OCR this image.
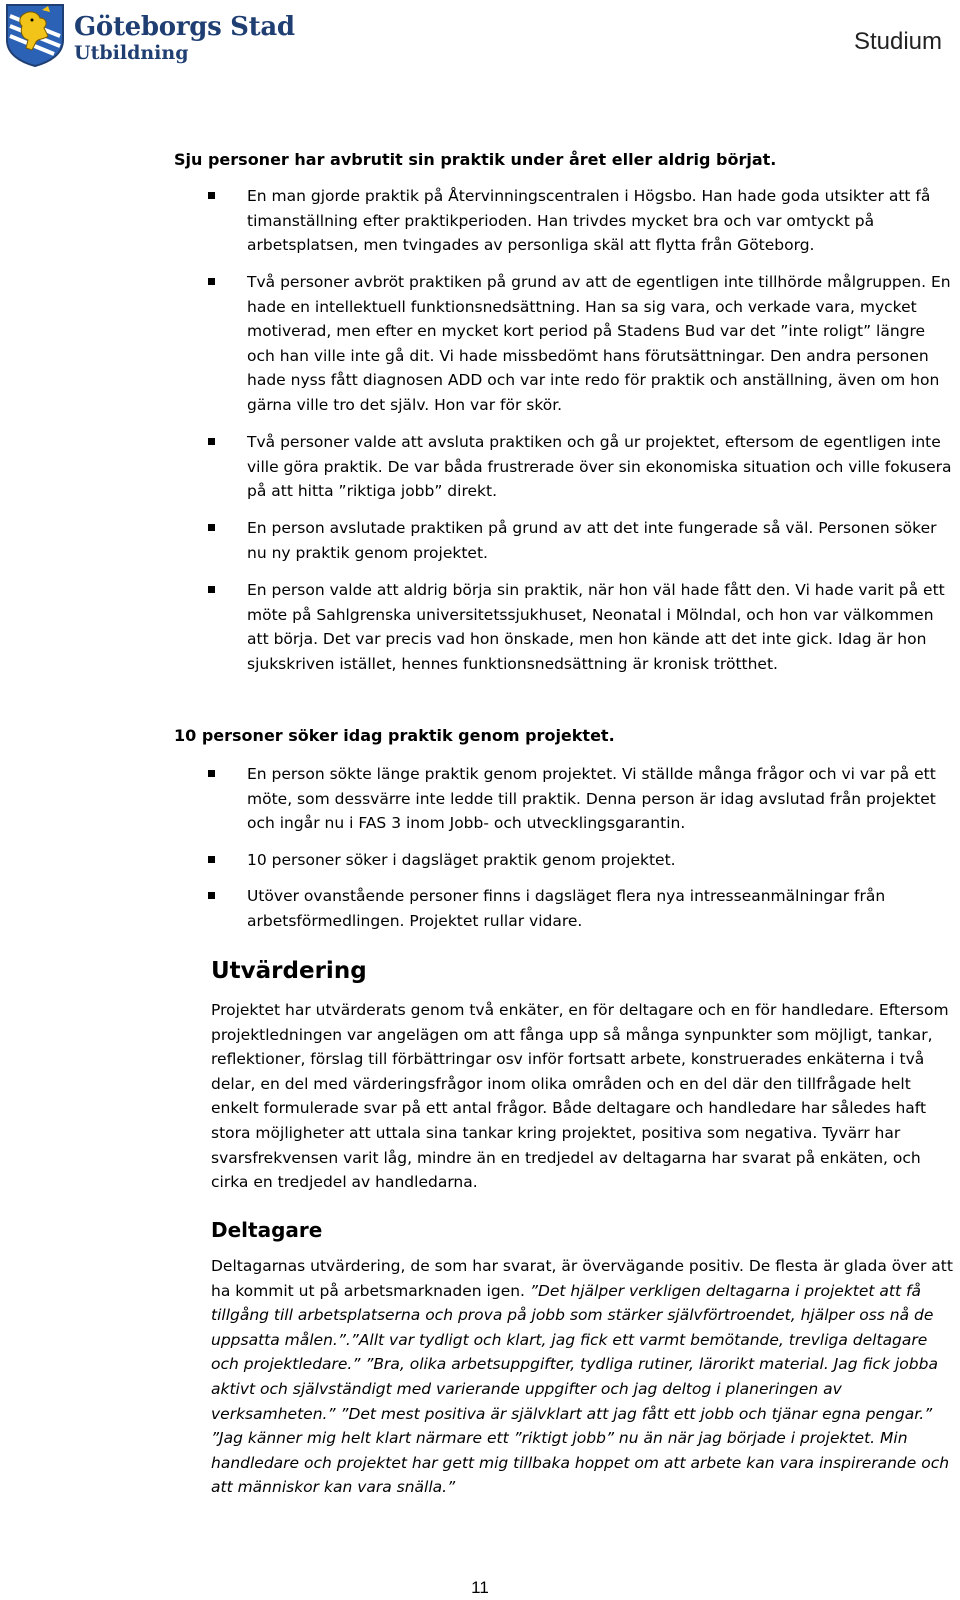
Göteborgs Stad
Utbildning	Studium
Sju personer har avbrutit sin praktik under året eller aldrig börjat.
En man gjorde praktik på Återvinningscentralen i Högsbo. Han hade goda utsikter att få timanställning efter praktikperioden. Han trivdes mycket bra och var omtyckt på arbetsplatsen, men tvingades av personliga skäl att flytta från Göteborg.
Två personer avbröt praktiken på grund av att de egentligen inte tillhörde målgruppen. En hade en intellektuell funktionsnedsättning. Han sa sig vara, och verkade vara, mycket motiverad, men efter en mycket kort period på Stadens Bud var det ”inte roligt” längre och han ville inte gå dit. Vi hade missbedömt hans förutsättningar. Den andra personen hade nyss fått diagnosen ADD och var inte redo för praktik och anställning, även om hon gärna ville tro det själv. Hon var för skör.
Två personer valde att avsluta praktiken och gå ur projektet, eftersom de egentligen inte ville göra praktik. De var båda frustrerade över sin ekonomiska situation och ville fokusera på att hitta ”riktiga jobb” direkt.
En person avslutade praktiken på grund av att det inte fungerade så väl. Personen söker nu ny praktik genom projektet.
En person valde att aldrig börja sin praktik, när hon väl hade fått den. Vi hade varit på ett möte på Sahlgrenska universitetssjukhuset, Neonatal i Mölndal, och hon var välkommen att börja. Det var precis vad hon önskade, men hon kände att det inte gick. Idag är hon sjukskriven istället, hennes funktionsnedsättning är kronisk trötthet.
10 personer söker idag praktik genom projektet.
En person sökte länge praktik genom projektet. Vi ställde många frågor och vi var på ett möte, som dessvärre inte ledde till praktik. Denna person är idag avslutad från projektet och ingår nu i FAS 3 inom Jobb- och utvecklingsgarantin.
10 personer söker i dagsläget praktik genom projektet.
Utöver ovanstående personer finns i dagsläget flera nya intresseanmälningar från arbetsförmedlingen. Projektet rullar vidare.
Utvärdering
Projektet har utvärderats genom två enkäter, en för deltagare och en för handledare. Eftersom projektledningen var angelägen om att fånga upp så många synpunkter som möjligt, tankar, reflektioner, förslag till förbättringar osv inför fortsatt arbete, konstruerades enkäterna i två delar, en del med värderingsfrågor inom olika områden och en del där den tillfrågade helt enkelt formulerade svar på ett antal frågor. Både deltagare och handledare har således haft stora möjligheter att uttala sina tankar kring projektet, positiva som negativa. Tyvärr har svarsfrekvensen varit låg, mindre än en tredjedel av deltagarna har svarat på enkäten, och cirka en tredjedel av handledarna.
Deltagare
Deltagarnas utvärdering, de som har svarat, är övervägande positiv. De flesta är glada över att ha kommit ut på arbetsmarknaden igen. ”Det hjälper verkligen deltagarna i projektet att få tillgång till arbetsplatserna och prova på jobb som stärker självförtroendet, hjälper oss nå de uppsatta målen.”.”Allt var tydligt och klart, jag fick ett varmt bemötande, trevliga deltagare och projektledare.” ”Bra, olika arbetsuppgifter, tydliga rutiner, lärorikt material. Jag fick jobba aktivt och självständigt med varierande uppgifter och jag deltog i planeringen av verksamheten.” ”Det mest positiva är självklart att jag fått ett jobb och tjänar egna pengar.” ”Jag känner mig helt klart närmare ett ”riktigt jobb” nu än när jag började i projektet. Min handledare och projektet har gett mig tillbaka hoppet om att arbete kan vara inspirerande och att människor kan vara snälla.”
11
